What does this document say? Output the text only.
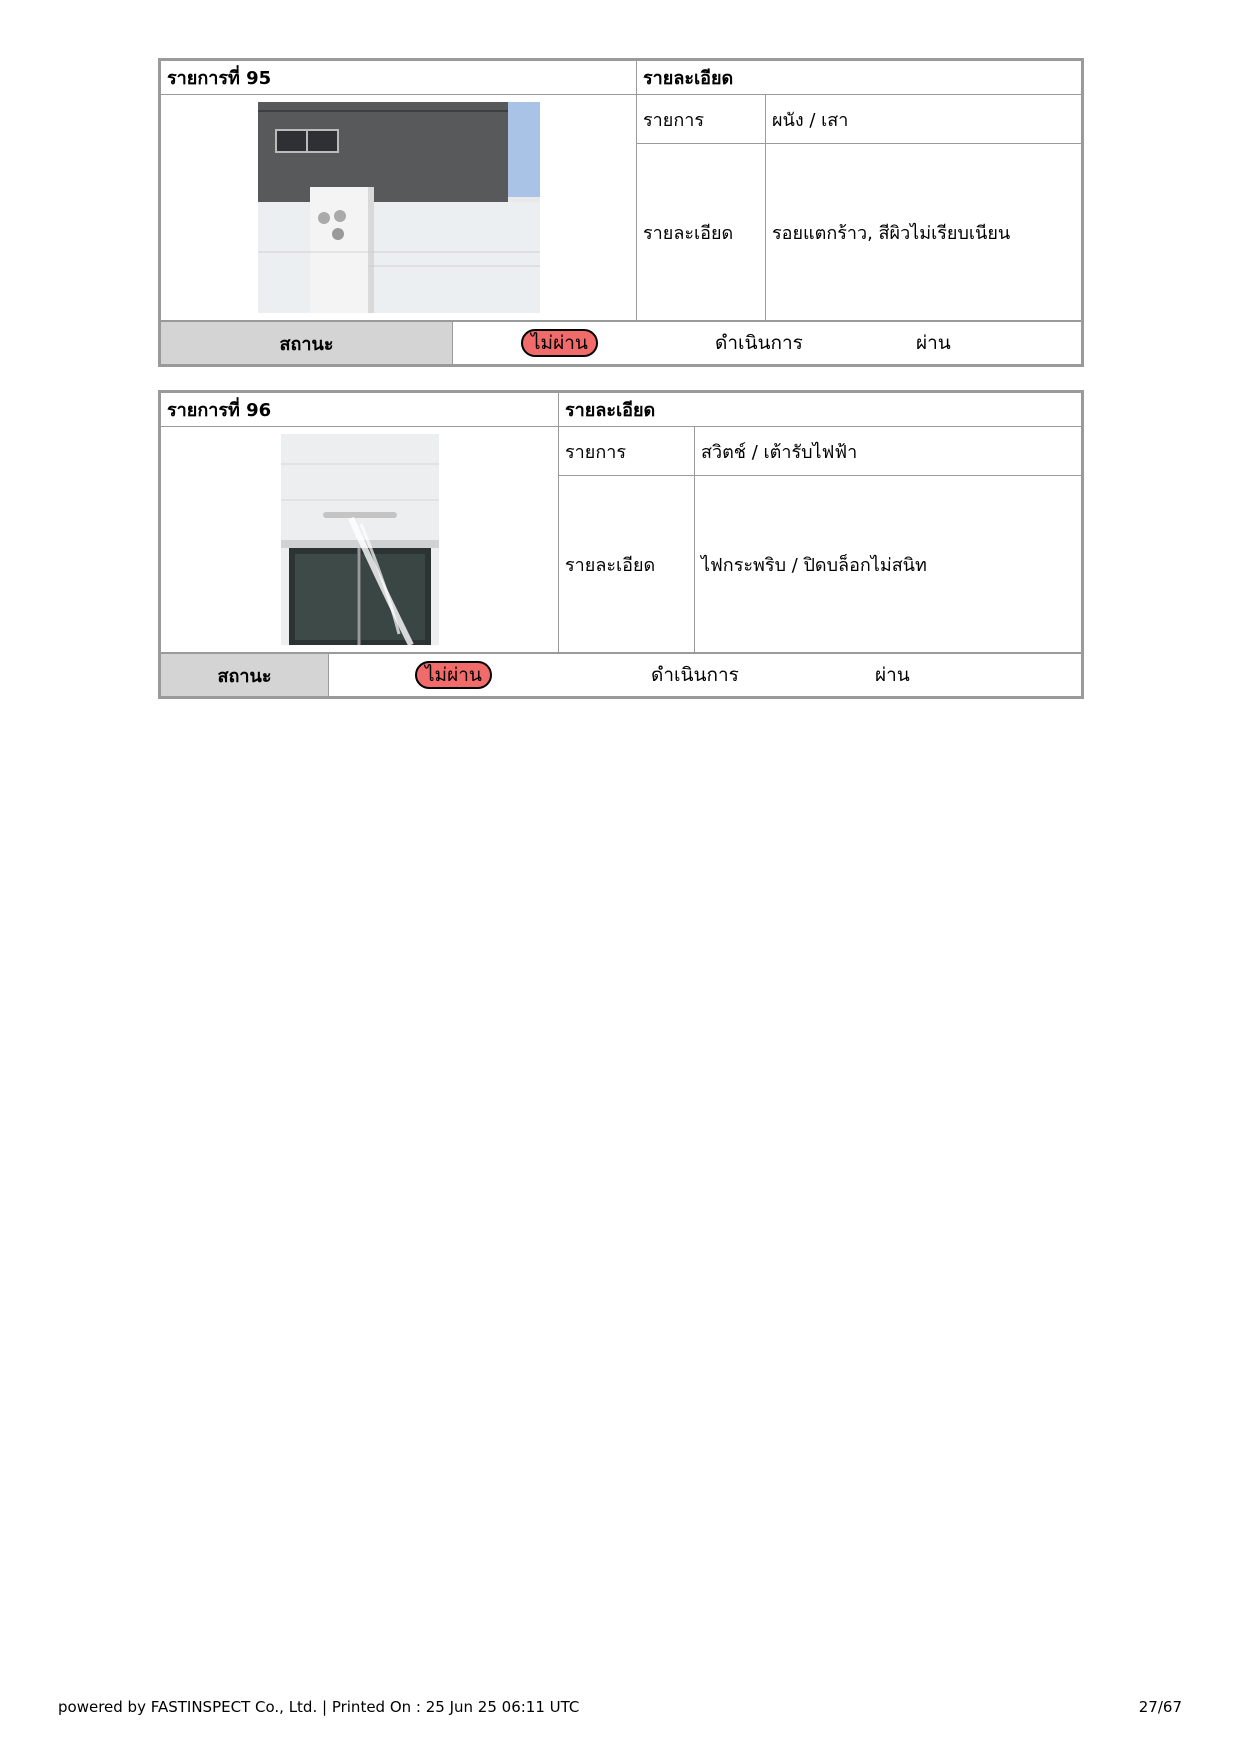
รายการที่ 95	รายละเอียด	
	รายการ	ผนัง / เสา
	รายละเอียด	รอยแตกร้าว, สีผิวไม่เรียบเนียน
สถานะ	ไม่ผ่าน	ดำเนินการ	ผ่าน
รายการที่ 96	รายละเอียด	
	รายการ	สวิตช์ / เต้ารับไฟฟ้า
	รายละเอียด	ไฟกระพริบ / ปิดบล็อกไม่สนิท
สถานะ	ไม่ผ่าน	ดำเนินการ	ผ่าน
powered by FASTINSPECT Co., Ltd. | Printed On : 25 Jun 25 06:11 UTC	27/67
